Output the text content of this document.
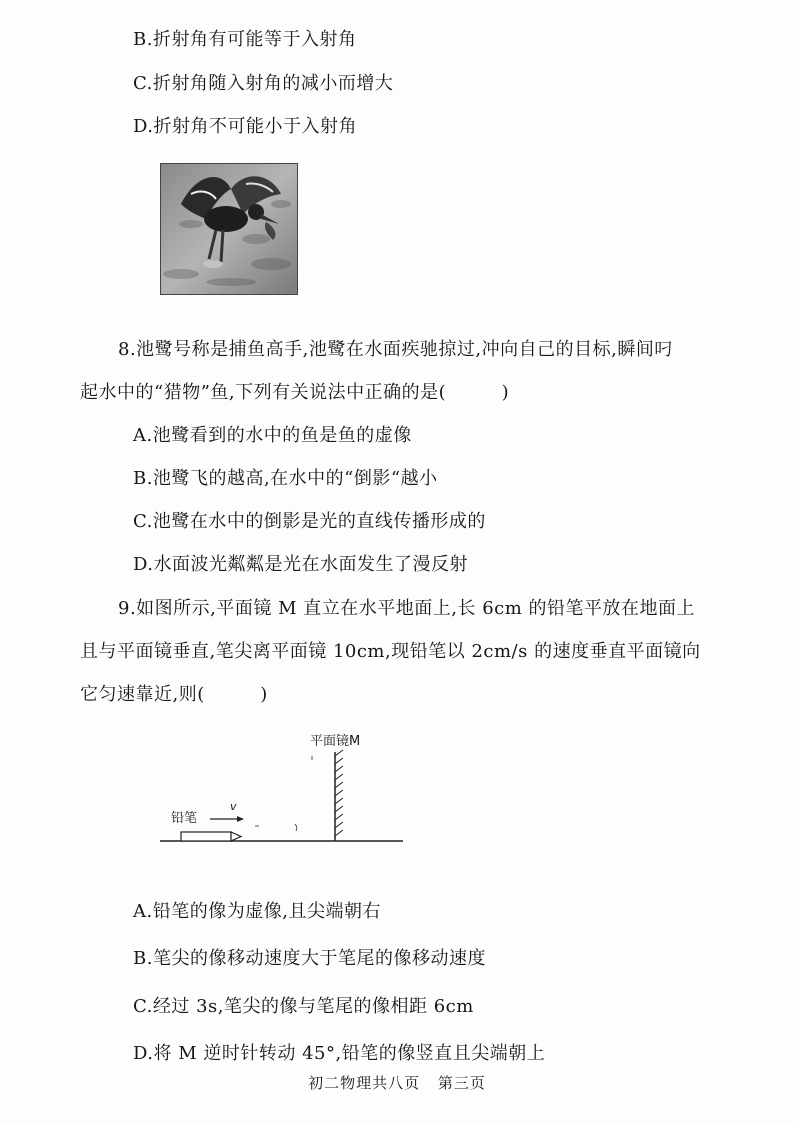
B.折射角有可能等于入射角
C.折射角随入射角的减小而增大
D.折射角不可能小于入射角
8.池鹭号称是捕鱼高手,池鹭在水面疾驰掠过,冲向自己的目标,瞬间叼
起水中的“猎物”鱼,下列有关说法中正确的是(　　　)
A.池鹭看到的水中的鱼是鱼的虚像
B.池鹭飞的越高,在水中的“倒影“越小
C.池鹭在水中的倒影是光的直线传播形成的
D.水面波光粼粼是光在水面发生了漫反射
9.如图所示,平面镜 M 直立在水平地面上,长 6cm 的铅笔平放在地面上
且与平面镜垂直,笔尖离平面镜 10cm,现铅笔以 2cm/s 的速度垂直平面镜向
它匀速靠近,则(　　　)
平面镜M
铅笔
v
A.铅笔的像为虚像,且尖端朝右
B.笔尖的像移动速度大于笔尾的像移动速度
C.经过 3s,笔尖的像与笔尾的像相距 6cm
D.将 M 逆时针转动 45°,铅笔的像竖直且尖端朝上
初二物理共八页 第三页
